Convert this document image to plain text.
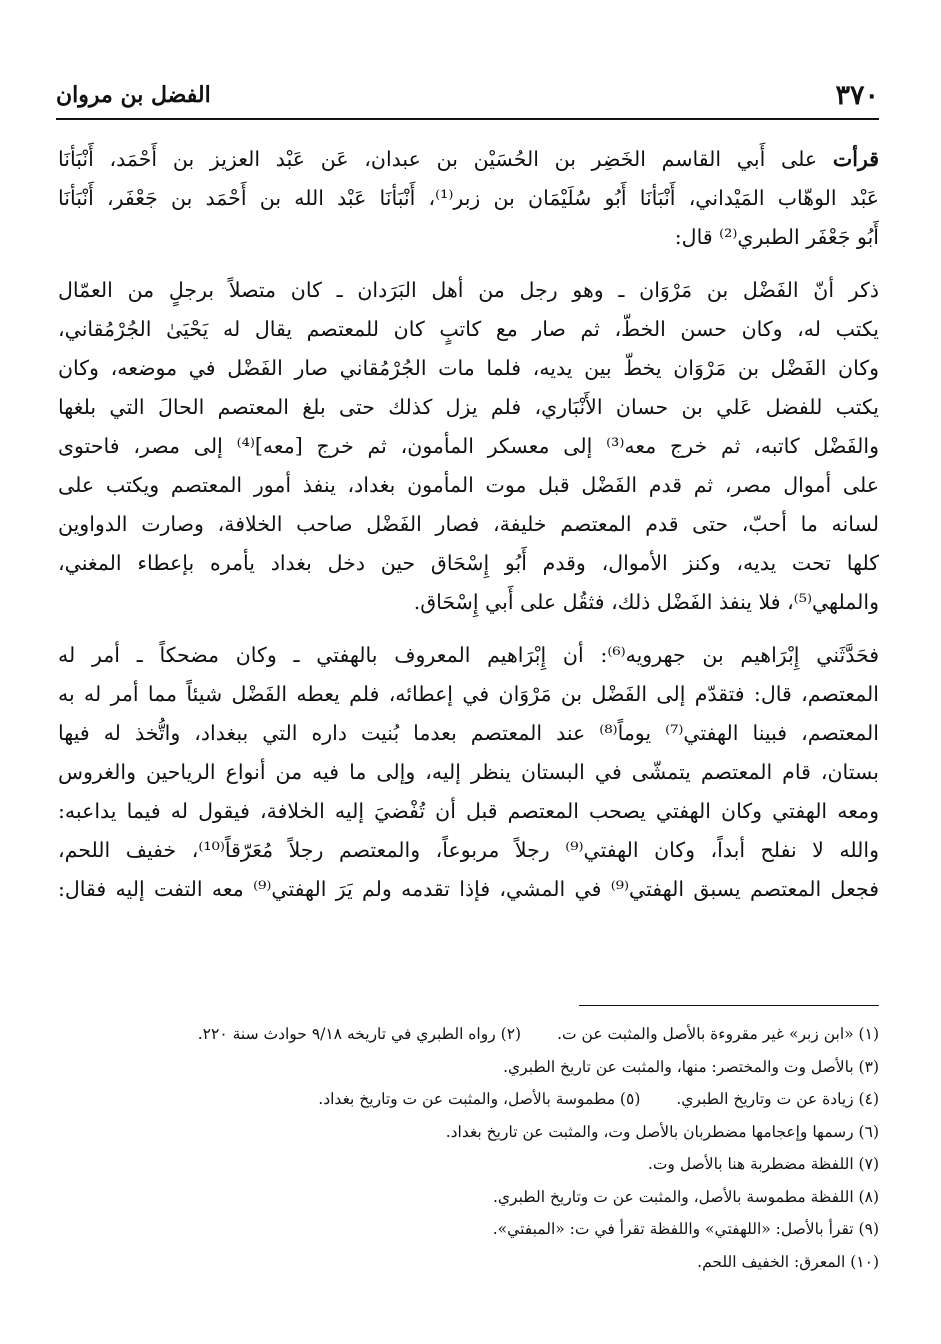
٣٧٠
الفضل بن مروان

قرأت على أَبي القاسم الخَضِر بن الحُسَيْن بن عبدان، عَن عَبْد العزيز بن أَحْمَد، أَنْبَأنَا
عَبْد الوهّاب المَيْداني، أَنْبَأنَا أَبُو سُلَيْمَان بن زبر⁽¹⁾، أَنْبَأنَا عَبْد الله بن أَحْمَد بن جَعْفَر، أَنْبَأنَا
أَبُو جَعْفَر الطبري⁽²⁾ قال:

ذكر أنّ الفَضْل بن مَرْوَان ـ وهو رجل من أهل البَرَدان ـ كان متصلاً برجلٍ من العمّال
يكتب له، وكان حسن الخطّ، ثم صار مع كاتبٍ كان للمعتصم يقال له يَحْيَىٰ الجُرْمُقاني،
وكان الفَضْل بن مَرْوَان يخطّ بين يديه، فلما مات الجُرْمُقاني صار الفَضْل في موضعه، وكان
يكتب للفضل عَلي بن حسان الأَنْبَاري، فلم يزل كذلك حتى بلغ المعتصم الحالَ التي بلغها
والفَضْل كاتبه، ثم خرج معه⁽³⁾ إلى معسكر المأمون، ثم خرج [معه]⁽⁴⁾ إلى مصر، فاحتوى
على أموال مصر، ثم قدم الفَضْل قبل موت المأمون بغداد، ينفذ أمور المعتصم ويكتب على
لسانه ما أحبّ، حتى قدم المعتصم خليفة، فصار الفَضْل صاحب الخلافة، وصارت الدواوين
كلها تحت يديه، وكنز الأموال، وقدم أَبُو إِسْحَاق حين دخل بغداد يأمره بإعطاء المغني،
والملهي⁽⁵⁾، فلا ينفذ الفَضْل ذلك، فثقُل على أَبي إِسْحَاق.

فحَدَّثَني إِبْرَاهيم بن جهرويه⁽⁶⁾: أن إِبْرَاهيم المعروف بالهفتي ـ وكان مضحكاً ـ أمر له
المعتصم، قال: فتقدّم إلى الفَضْل بن مَرْوَان في إعطائه، فلم يعطه الفَضْل شيئاً مما أمر له به
المعتصم، فبينا الهفتي⁽⁷⁾ يوماً⁽⁸⁾ عند المعتصم بعدما بُنيت داره التي ببغداد، واتُّخذ له فيها
بستان، قام المعتصم يتمشّى في البستان ينظر إليه، وإلى ما فيه من أنواع الرياحين والغروس
ومعه الهفتي وكان الهفتي يصحب المعتصم قبل أن تُفْضيَ إليه الخلافة، فيقول له فيما يداعبه:
والله لا نفلح أبداً، وكان الهفتي⁽⁹⁾ رجلاً مربوعاً، والمعتصم رجلاً مُعَرّقاً⁽¹⁰⁾، خفيف اللحم،
فجعل المعتصم يسبق الهفتي⁽⁹⁾ في المشي، فإذا تقدمه ولم يَرَ الهفتي⁽⁹⁾ معه التفت إليه فقال:

(١) «ابن زبر» غير مقروءة بالأصل والمثبت عن ت.
(٢) رواه الطبري في تاريخه ٩/١٨ حوادث سنة ٢٢٠.
(٣) بالأصل وت والمختصر: منها، والمثبت عن تاريخ الطبري.
(٤) زيادة عن ت وتاريخ الطبري.
(٥) مطموسة بالأصل، والمثبت عن ت وتاريخ بغداد.
(٦) رسمها وإعجامها مضطربان بالأصل وت، والمثبت عن تاريخ بغداد.
(٧) اللفظة مضطربة هنا بالأصل وت.
(٨) اللفظة مطموسة بالأصل، والمثبت عن ت وتاريخ الطبري.
(٩) تقرأ بالأصل: «اللهفتي» واللفظة تقرأ في ت: «المبفتي».
(١٠) المعرق: الخفيف اللحم.
